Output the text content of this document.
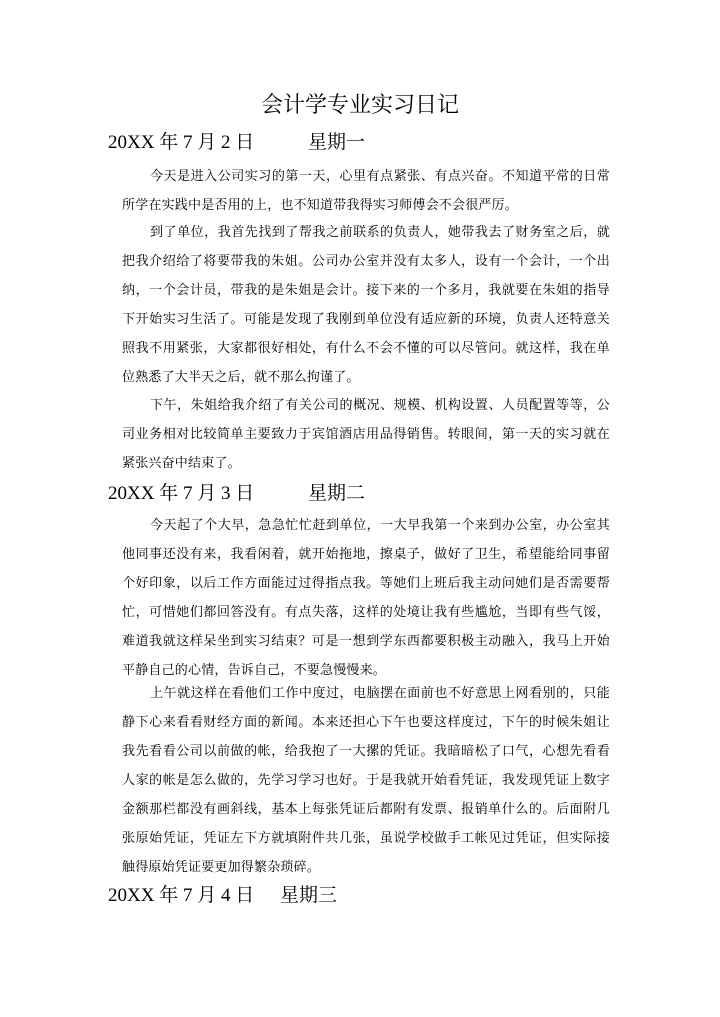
会计学专业实习日记
20XX 年 7 月 2 日	星期一
今天是进入公司实习的第一天，心里有点紧张、有点兴奋。不知道平常的日常所学在实践中是否用的上，也不知道带我得实习师傅会不会很严厉。
到了单位，我首先找到了帮我之前联系的负责人，她带我去了财务室之后，就把我介绍给了将要带我的朱姐。公司办公室并没有太多人，设有一个会计，一个出纳，一个会计员，带我的是朱姐是会计。接下来的一个多月，我就要在朱姐的指导下开始实习生活了。可能是发现了我刚到单位没有适应新的环境，负责人还特意关照我不用紧张，大家都很好相处，有什么不会不懂的可以尽管问。就这样，我在单位熟悉了大半天之后，就不那么拘谨了。
下午，朱姐给我介绍了有关公司的概况、规模、机构设置、人员配置等等，公司业务相对比较简单主要致力于宾馆酒店用品得销售。转眼间，第一天的实习就在紧张兴奋中结束了。
20XX 年 7 月 3 日	星期二
今天起了个大早，急急忙忙赶到单位，一大早我第一个来到办公室，办公室其他同事还没有来，我看闲着，就开始拖地，擦桌子，做好了卫生，希望能给同事留个好印象，以后工作方面能过过得指点我。等她们上班后我主动问她们是否需要帮忙，可惜她们都回答没有。有点失落，这样的处境让我有些尴尬，当即有些气馁，难道我就这样呆坐到实习结束？可是一想到学东西都要积极主动融入，我马上开始平静自己的心情，告诉自己，不要急慢慢来。
上午就这样在看他们工作中度过，电脑摆在面前也不好意思上网看别的，只能静下心来看看财经方面的新闻。本来还担心下午也要这样度过，下午的时候朱姐让我先看看公司以前做的帐，给我抱了一大摞的凭证。我暗暗松了口气，心想先看看人家的帐是怎么做的，先学习学习也好。于是我就开始看凭证，我发现凭证上数字金额那栏都没有画斜线，基本上每张凭证后都附有发票、报销单什么的。后面附几张原始凭证，凭证左下方就填附件共几张，虽说学校做手工帐见过凭证，但实际接触得原始凭证要更加得繁杂琐碎。
20XX 年 7 月 4 日 星期三
